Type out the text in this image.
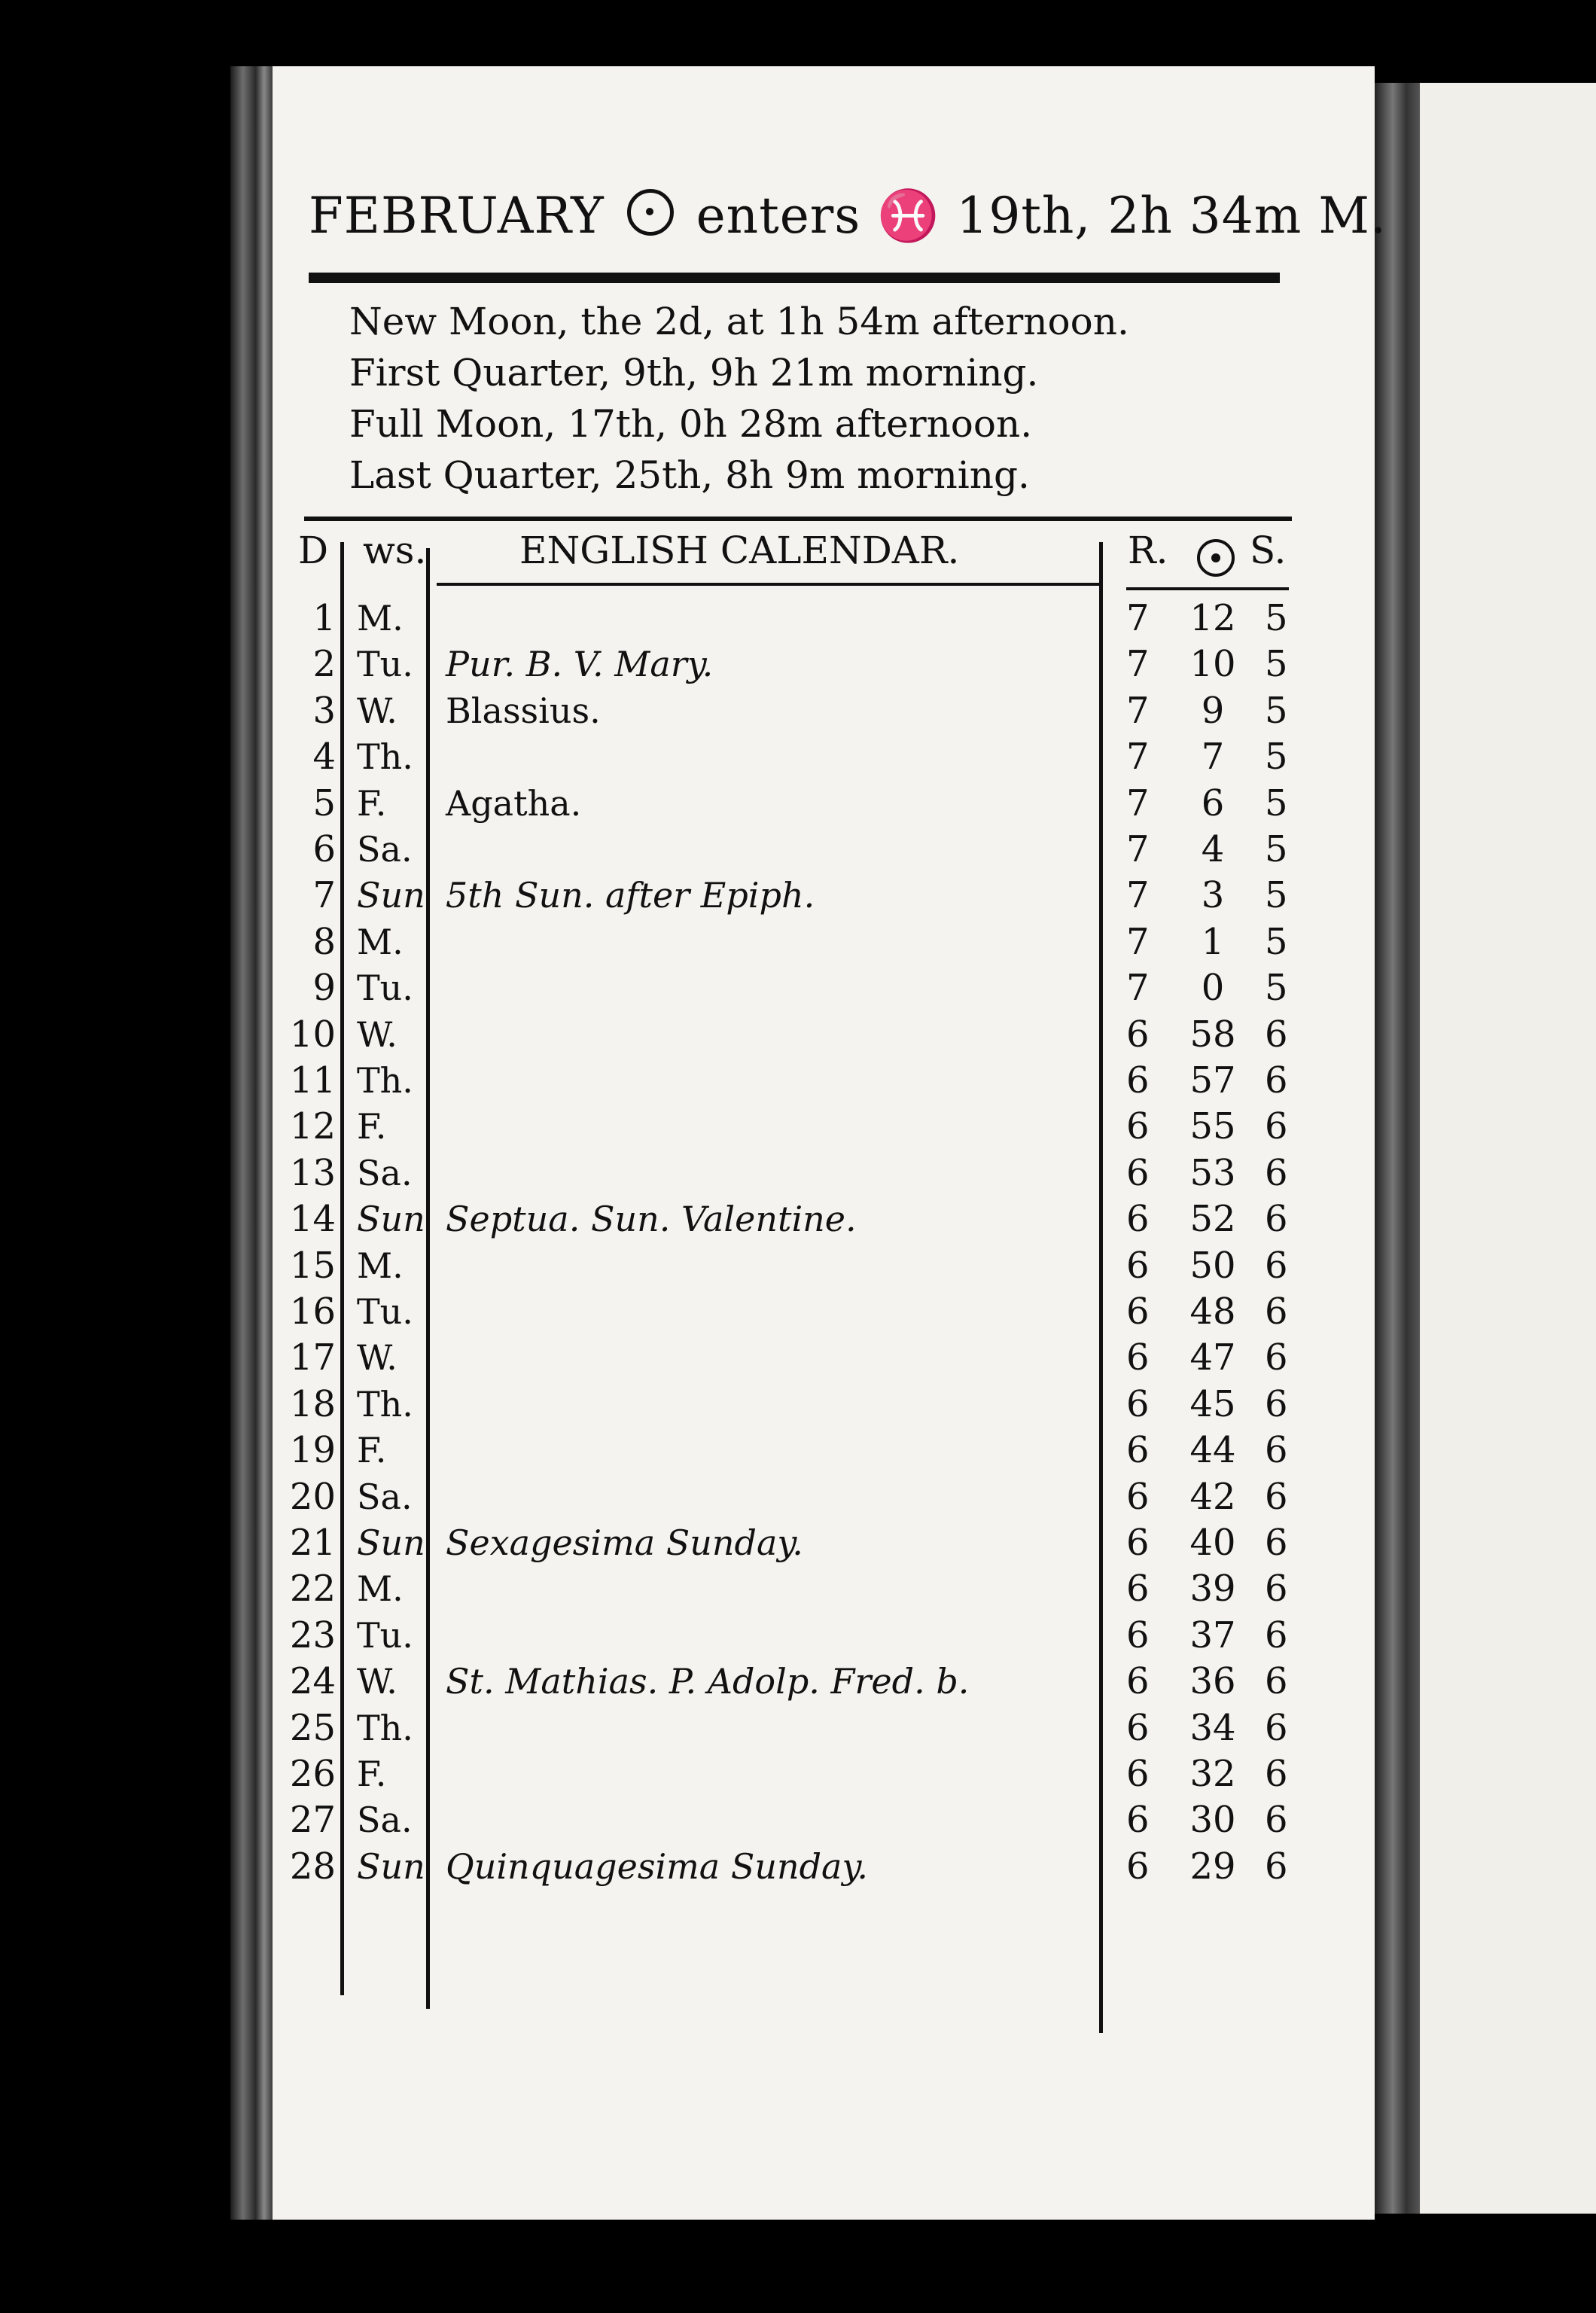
FEBRUARY enters ♓ 19th, 2h 34m M.
New Moon, the 2d, at 1h 54m afternoon.
First Quarter, 9th, 9h 21m morning.
Full Moon, 17th, 0h 28m afternoon.
Last Quarter, 25th, 8h 9m morning.
D ws. ENGLISH CALENDAR.	R. S.
1 M.	7	12 5
2 Tu. Pur. B. V. Mary.	7	10 5
3 W. Blassius.	7	9	5
4 Th.	7	7	5
5 F. Agatha.	7	6	5
6 Sa.	7	4	5
7 Sun 5th Sun. after Epiph.	7	3	5
8 M.	7	1	5
9 Tu.	7	0	5
10 W.	6	58 6
11 Th.	6	57 6
12 F.	6	55 6
13 Sa.	6	53 6
14 Sun Septua. Sun. Valentine.	6	52 6
15 M.	6	50 6
16 Tu.	6	48 6
17 W.	6	47 6
18 Th.	6	45 6
19 F.	6	44 6
20 Sa.	6	42 6
21 Sun Sexagesima Sunday.	6	40 6
22 M.	6	39 6
23 Tu.	6	37 6
24 W. St. Mathias. P. Adolp. Fred. b.	6	36 6
25 Th.	6	34 6
26 F.	6	32 6
27 Sa.	6	30 6
28 Sun Quinquagesima Sunday.	6	29 6
